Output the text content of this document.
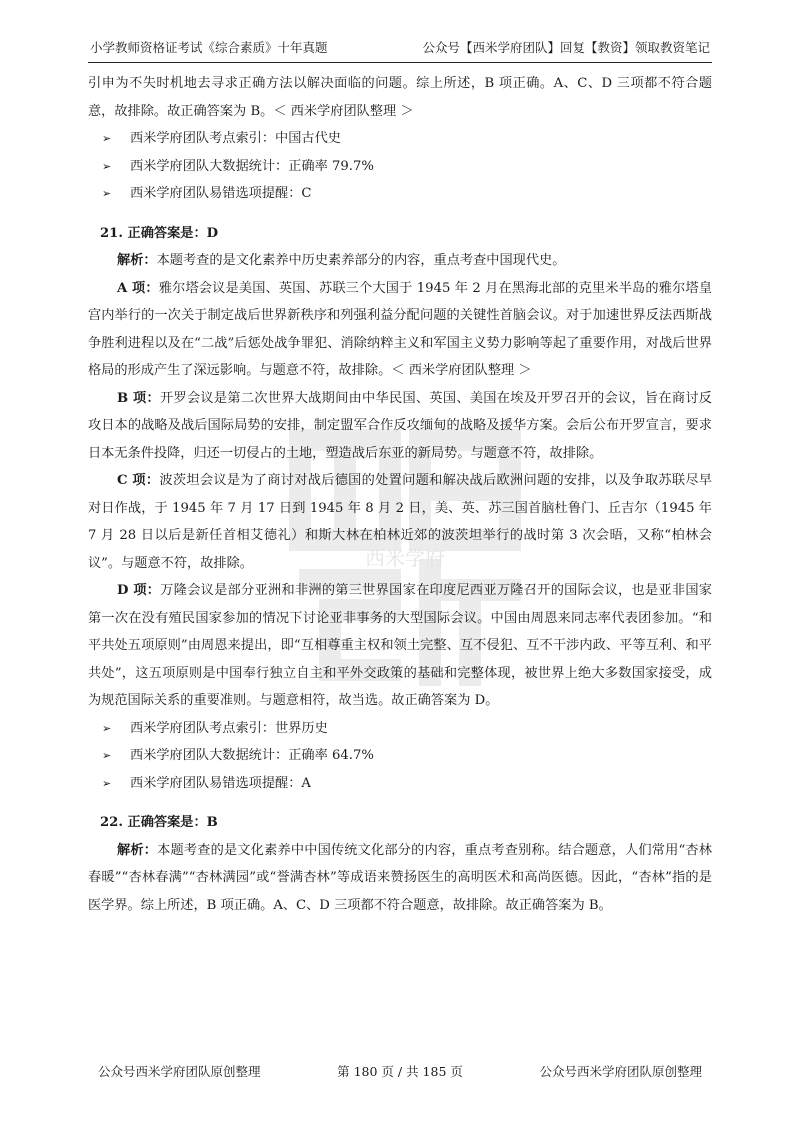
西米学府
小学教师资格证考试《综合素质》十年真题	公众号【西米学府团队】回复【教资】领取教资笔记

引申为不失时机地去寻求正确方法以解决面临的问题。综上所述，B 项正确。A、C、D 三项都不符合题意，故排除。故正确答案为 B。＜ 西米学府团队整理 ＞

➢ 西米学府团队考点索引：中国古代史

➢ 西米学府团队大数据统计：正确率 79.7%

➢ 西米学府团队易错选项提醒：C

21. 正确答案是：D

解析：本题考查的是文化素养中历史素养部分的内容，重点考查中国现代史。

A 项：雅尔塔会议是美国、英国、苏联三个大国于 1945 年 2 月在黑海北部的克里米半岛的雅尔塔皇宫内举行的一次关于制定战后世界新秩序和列强利益分配问题的关键性首脑会议。对于加速世界反法西斯战争胜利进程以及在“二战”后惩处战争罪犯、消除纳粹主义和军国主义势力影响等起了重要作用，对战后世界格局的形成产生了深远影响。与题意不符，故排除。＜ 西米学府团队整理 ＞

B 项：开罗会议是第二次世界大战期间由中华民国、英国、美国在埃及开罗召开的会议，旨在商讨反攻日本的战略及战后国际局势的安排，制定盟军合作反攻缅甸的战略及援华方案。会后公布开罗宣言，要求日本无条件投降，归还一切侵占的土地，塑造战后东亚的新局势。与题意不符，故排除。

C 项：波茨坦会议是为了商讨对战后德国的处置问题和解决战后欧洲问题的安排，以及争取苏联尽早对日作战，于 1945 年 7 月 17 日到 1945 年 8 月 2 日，美、英、苏三国首脑杜鲁门、丘吉尔（1945 年 7 月 28 日以后是新任首相艾德礼）和斯大林在柏林近郊的波茨坦举行的战时第 3 次会晤，又称“柏林会议”。与题意不符，故排除。

D 项：万隆会议是部分亚洲和非洲的第三世界国家在印度尼西亚万隆召开的国际会议，也是亚非国家第一次在没有殖民国家参加的情况下讨论亚非事务的大型国际会议。中国由周恩来同志率代表团参加。“和平共处五项原则”由周恩来提出，即“互相尊重主权和领土完整、互不侵犯、互不干涉内政、平等互利、和平共处”，这五项原则是中国奉行独立自主和平外交政策的基础和完整体现，被世界上绝大多数国家接受，成为规范国际关系的重要准则。与题意相符，故当选。故正确答案为 D。

➢ 西米学府团队考点索引：世界历史

➢ 西米学府团队大数据统计：正确率 64.7%

➢ 西米学府团队易错选项提醒：A

22. 正确答案是：B

解析：本题考查的是文化素养中中国传统文化部分的内容，重点考查别称。结合题意，人们常用“杏林春暖”“杏林春满”“杏林满园”或“誉满杏林”等成语来赞扬医生的高明医术和高尚医德。因此，“杏林”指的是医学界。综上所述，B 项正确。A、C、D 三项都不符合题意，故排除。故正确答案为 B。

公众号西米学府团队原创整理	第 180 页 / 共 185 页	公众号西米学府团队原创整理
